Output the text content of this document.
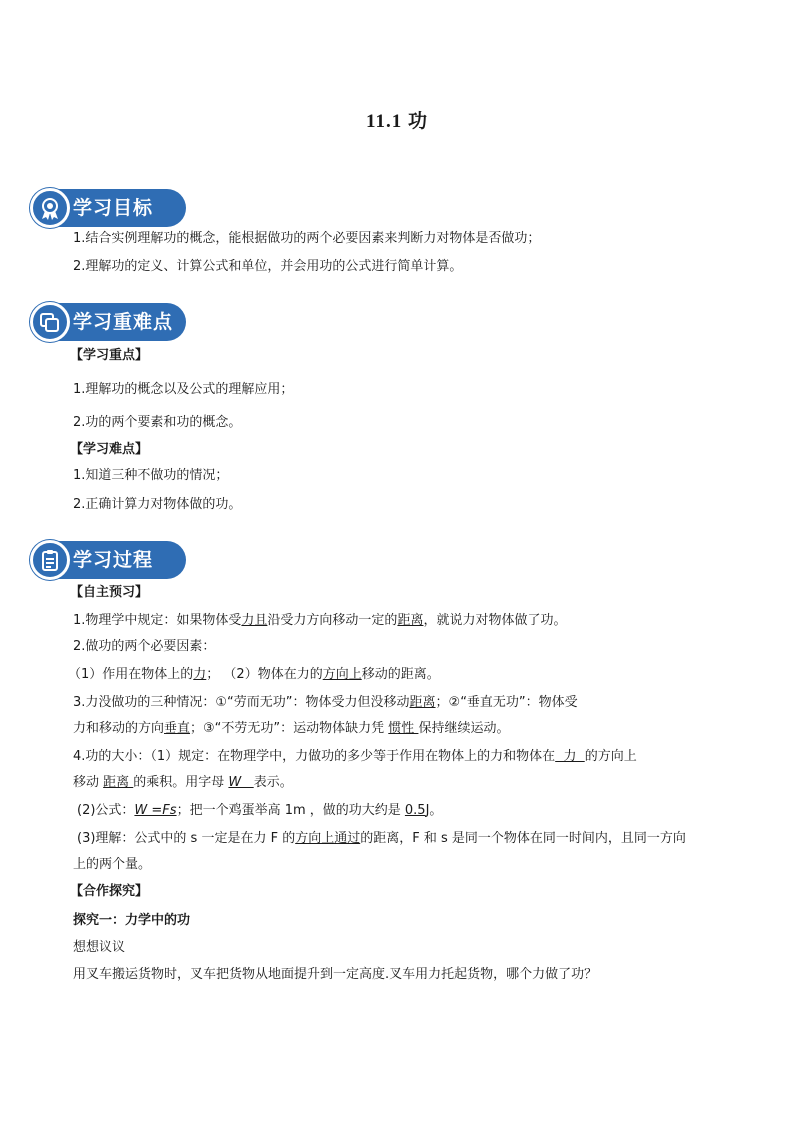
11.1 功
学习目标
1.结合实例理解功的概念，能根据做功的两个必要因素来判断力对物体是否做功；
2.理解功的定义、计算公式和单位，并会用功的公式进行简单计算。
学习重难点
【学习重点】
1.理解功的概念以及公式的理解应用；
2.功的两个要素和功的概念。
【学习难点】
1.知道三种不做功的情况；
2.正确计算力对物体做的功。
学习过程
【自主预习】
1.物理学中规定：如果物体受力且沿受力方向移动一定的距离，就说力对物体做了功。
2.做功的两个必要因素：
（1）作用在物体上的力； （2）物体在力的方向上移动的距离。
3.力没做功的三种情况：①“劳而无功”：物体受力但没移动距离；②“垂直无功”：物体受
力和移动的方向垂直；③“不劳无功”：运动物体缺力凭 惯性 保持继续运动。
4.功的大小：（1）规定：在物理学中，力做功的多少等于作用在物体上的力和物体在  力  的方向上
移动 距离 的乘积。用字母 W   表示。
(2)公式：W =Fs；把一个鸡蛋举高 1m ，做的功大约是 0.5J。
(3)理解：公式中的 s 一定是在力 F 的方向上通过的距离，F 和 s 是同一个物体在同一时间内，且同一方向
上的两个量。
【合作探究】
探究一：力学中的功
想想议议
用叉车搬运货物时，叉车把货物从地面提升到一定高度.叉车用力托起货物，哪个力做了功？
